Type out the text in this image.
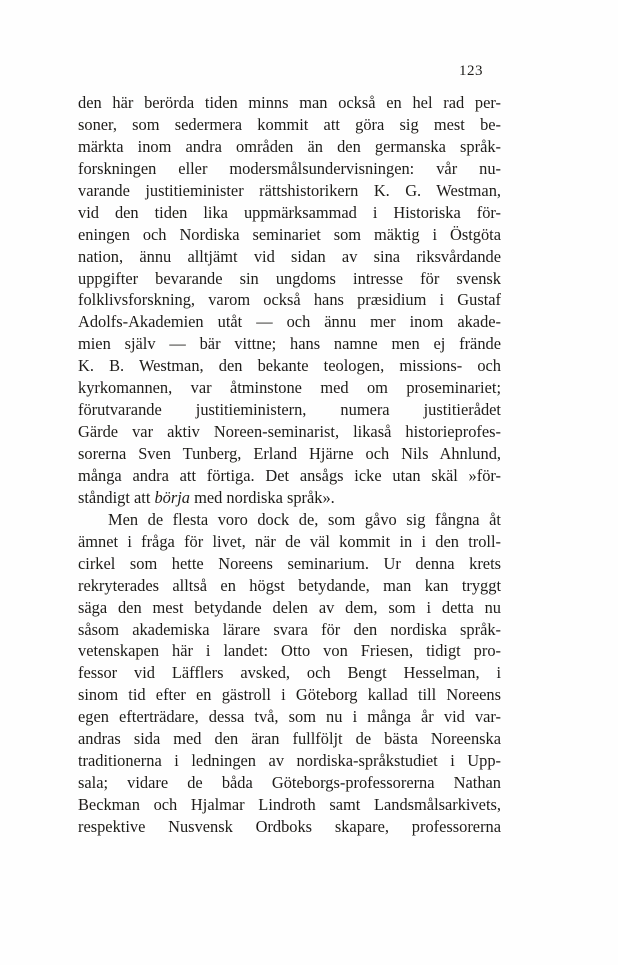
123
den här berörda tiden minns man också en hel rad per-
soner, som sedermera kommit att göra sig mest be-
märkta inom andra områden än den germanska språk-
forskningen eller modersmålsundervisningen: vår nu-
varande justitieminister rättshistorikern K. G. Westman,
vid den tiden lika uppmärksammad i Historiska för-
eningen och Nordiska seminariet som mäktig i Östgöta
nation, ännu alltjämt vid sidan av sina riksvårdande
uppgifter bevarande sin ungdoms intresse för svensk
folklivsforskning, varom också hans præsidium i Gustaf
Adolfs-Akademien utåt — och ännu mer inom akade-
mien själv — bär vittne; hans namne men ej frände
K. B. Westman, den bekante teologen, missions- och
kyrkomannen, var åtminstone med om proseminariet;
förutvarande justitieministern, numera justitierådet
Gärde var aktiv Noreen-seminarist, likaså historieprofes-
sorerna Sven Tunberg, Erland Hjärne och Nils Ahnlund,
många andra att förtiga. Det ansågs icke utan skäl »för-
ståndigt att börja med nordiska språk».
Men de flesta voro dock de, som gåvo sig fångna åt
ämnet i fråga för livet, när de väl kommit in i den troll-
cirkel som hette Noreens seminarium. Ur denna krets
rekryterades alltså en högst betydande, man kan tryggt
säga den mest betydande delen av dem, som i detta nu
såsom akademiska lärare svara för den nordiska språk-
vetenskapen här i landet: Otto von Friesen, tidigt pro-
fessor vid Läfflers avsked, och Bengt Hesselman, i
sinom tid efter en gästroll i Göteborg kallad till Noreens
egen efterträdare, dessa två, som nu i många år vid var-
andras sida med den äran fullföljt de bästa Noreenska
traditionerna i ledningen av nordiska-språkstudiet i Upp-
sala; vidare de båda Göteborgs-professorerna Nathan
Beckman och Hjalmar Lindroth samt Landsmålsarkivets,
respektive Nusvensk Ordboks skapare, professorerna
